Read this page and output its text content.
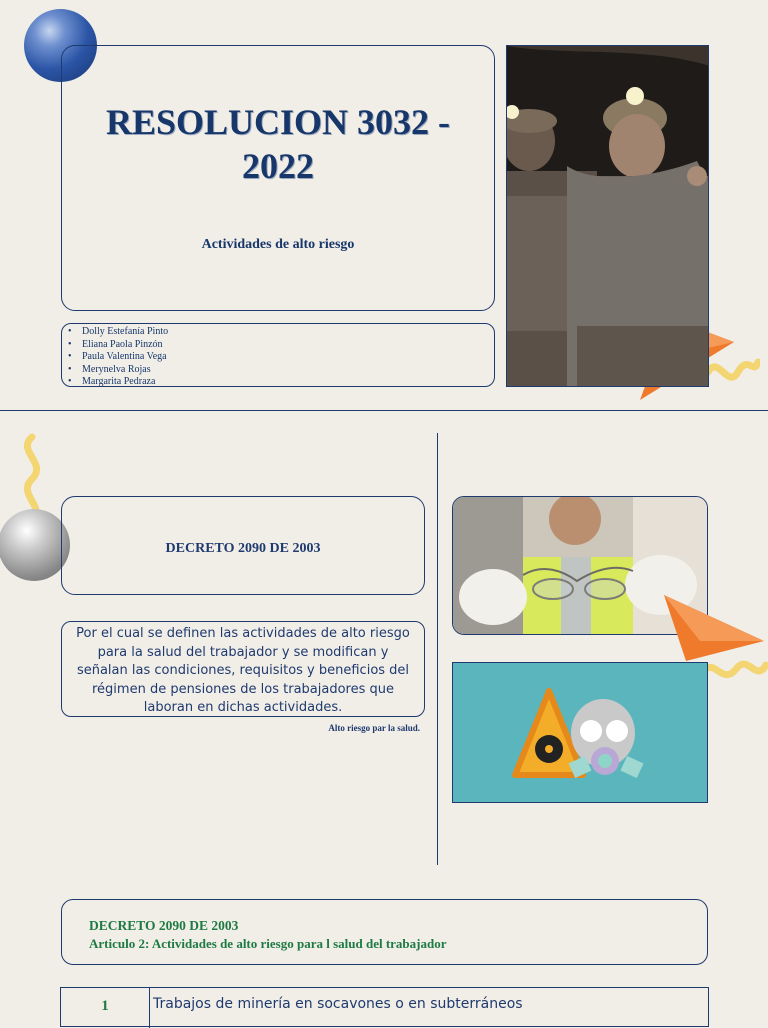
RESOLUCION 3032 - 2022
Actividades de alto riesgo
• Dolly Estefanía Pinto
• Eliana Paola Pinzón
• Paula Valentina Vega
• Merynelva Rojas
• Margarita Pedraza
DECRETO 2090 DE 2003
Por el cual se definen las actividades de alto riesgo para la salud del trabajador y se modifican y señalan las condiciones, requisitos y beneficios del régimen de pensiones de los trabajadores que laboran en dichas actividades.
Alto riesgo par la salud.
DECRETO 2090 DE 2003
Articulo 2: Actividades de alto riesgo para l salud del trabajador
1	Trabajos de minería en socavones o en subterráneos
